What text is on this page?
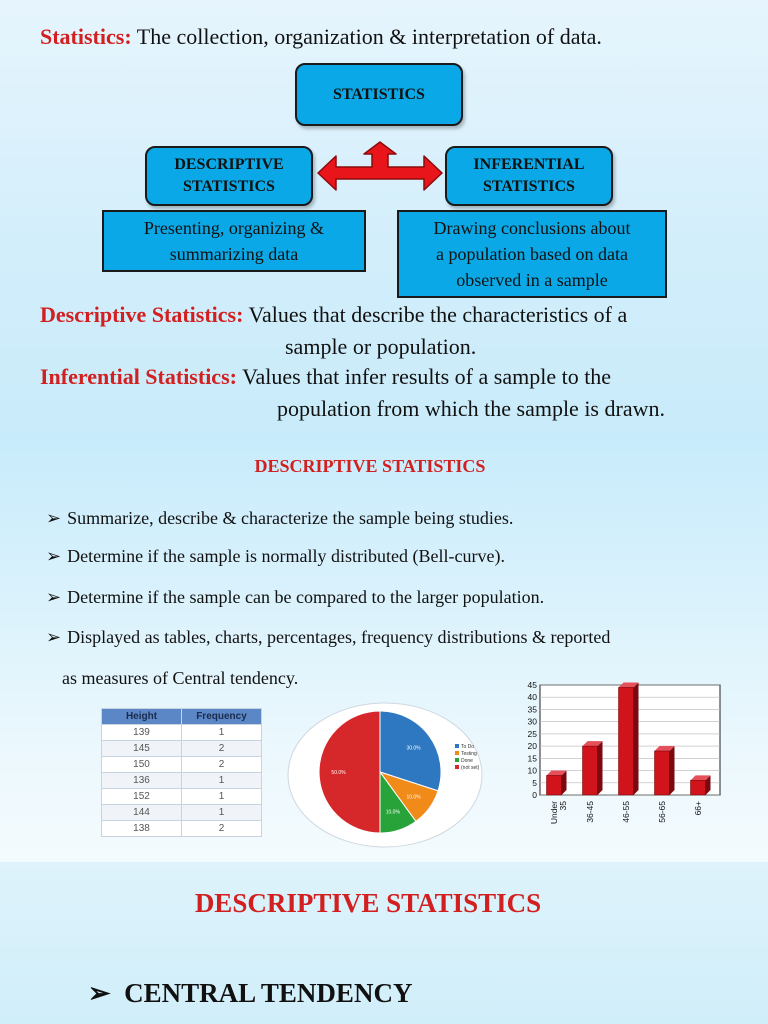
Statistics: The collection, organization & interpretation of data.
STATISTICS
DESCRIPTIVE
STATISTICS
INFERENTIAL
STATISTICS
Presenting, organizing &
summarizing data
Drawing conclusions about
a population based on data
observed in a sample
Descriptive Statistics: Values that describe the characteristics of a
sample or population.
Inferential Statistics: Values that infer results of a sample to the
population from which the sample is drawn.
DESCRIPTIVE STATISTICS
➢ Summarize, describe & characterize the sample being studies.
➢ Determine if the sample is normally distributed (Bell-curve).
➢ Determine if the sample can be compared to the larger population.
➢ Displayed as tables, charts, percentages, frequency distributions & reported
as measures of Central tendency.
Height	Frequency
139	1
145	2
150	2
136	1
152	1
144	1
138	2
30.0%
10.0%
10.0%
50.0%
To Do
Testing
Done
(not set)
0
5
10
15
20
25
30
35
40
45
Under35 36-45	46-55	56-65	66+
DESCRIPTIVE STATISTICS
➢ CENTRAL TENDENCY
